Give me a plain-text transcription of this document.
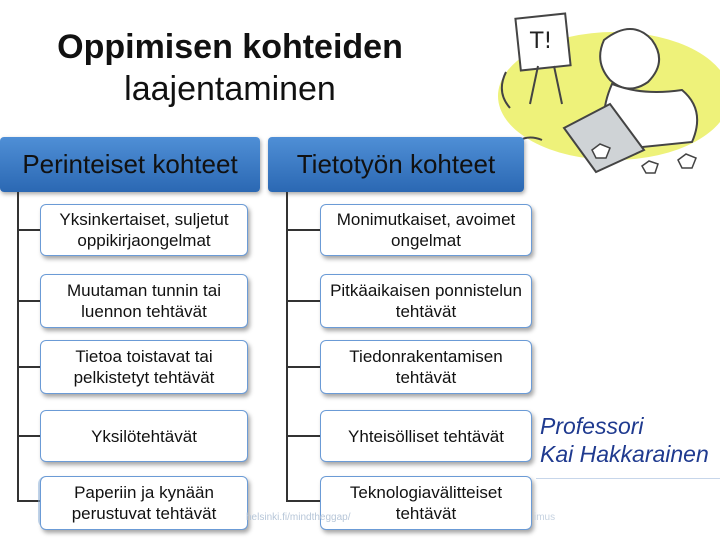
Oppimisen kohteiden
laajentaminen
T!
Perinteiset kohteet	Tietotyön kohteet
Yksinkertaiset, suljetut oppikirjaongelmat
Muutaman tunnin tai luennon tehtävät
Tietoa toistavat tai pelkistetyt tehtävät
Yksilötehtävät
Paperiin ja kynään perustuvat tehtävät
Monimutkaiset, avoimet ongelmat
Pitkäaikaisen ponnistelun tehtävät
Tiedonrakentamisen tehtävät
Yhteisölliset tehtävät
Teknologiavälitteiset tehtävät
Professori
Kai Hakkarainen
helsinki.fi/mindtheggap/	imus
